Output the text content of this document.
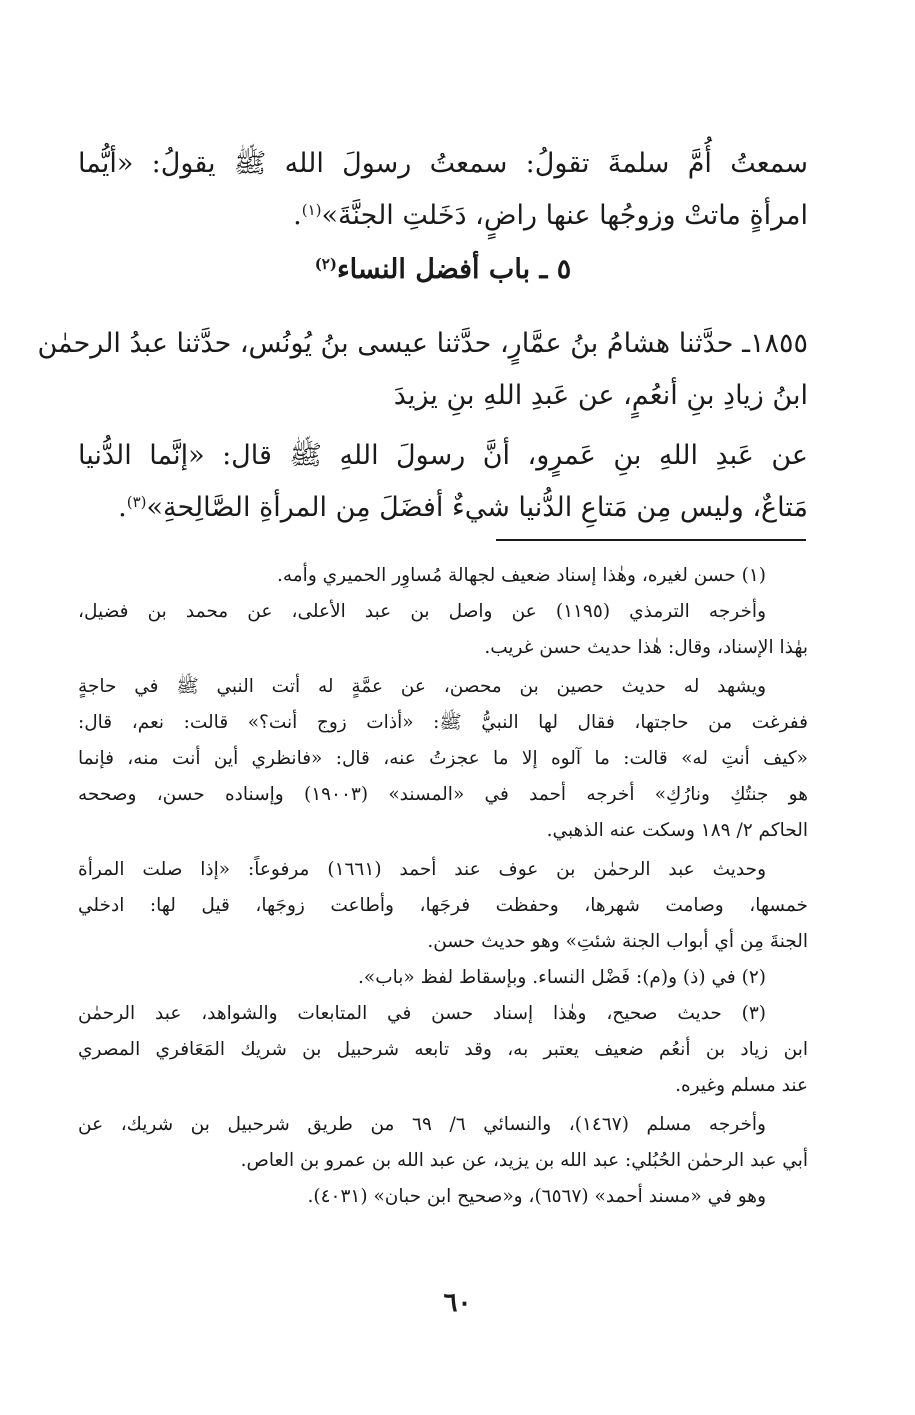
سمعتُ أُمَّ سلمةَ تقولُ: سمعتُ رسولَ الله ﷺ يقولُ: «أيُّما

امرأةٍ ماتتْ وزوجُها عنها راضٍ، دَخَلتِ الجنَّةَ»$^{(١)}$.

٥ ـ باب أفضل النساء$^{(٢)}$

١٨٥٥ـ حدَّثنا هشامُ بنُ عمَّارٍ، حدَّثنا عيسى بنُ يُونُس، حدَّثنا عبدُ الرحمٰن

ابنُ زيادِ بنِ أنعُمٍ، عن عَبدِ اللهِ بنِ يزيدَ

عن عَبدِ اللهِ بنِ عَمرٍو، أنَّ رسولَ اللهِ ﷺ قال: «إنَّما الدُّنيا

مَتاعٌ، وليس مِن مَتاعِ الدُّنيا شيءٌ أفضَلَ مِن المرأةِ الصَّالِحةِ»$^{(٣)}$.

(١) حسن لغيره، وهٰذا إسناد ضعيف لجهالة مُساوِر الحميري وأمه.

وأخرجه الترمذي (١١٩٥) عن واصل بن عبد الأعلى، عن محمد بن فضيل،

بهٰذا الإسناد، وقال: هٰذا حديث حسن غريب.

ويشهد له حديث حصين بن محصن، عن عمَّةٍ له أتت النبي ﷺ في حاجةٍ

ففرغت من حاجتها، فقال لها النبيُّ ﷺ: «أذات زوج أنت؟» قالت: نعم، قال:

«كيف أنتِ له» قالت: ما آلوه إلا ما عجزتُ عنه، قال: «فانظري أين أنت منه، فإنما

هو جنتُكِ ونارُكِ» أخرجه أحمد في «المسند» (١٩٠٠٣) وإسناده حسن، وصححه

الحاكم ٢/ ١٨٩ وسكت عنه الذهبي.

وحديث عبد الرحمٰن بن عوف عند أحمد (١٦٦١) مرفوعاً: «إذا صلت المرأة

خمسها، وصامت شهرها، وحفظت فرجَها، وأطاعت زوجَها، قيل لها: ادخلي

الجنةَ مِن أي أبواب الجنة شئتِ» وهو حديث حسن.

(٢) في (ذ) و(م): فَضْل النساء. وبإسقاط لفظ «باب».

(٣) حديث صحيح، وهٰذا إسناد حسن في المتابعات والشواهد، عبد الرحمٰن

ابن زياد بن أنعُم ضعيف يعتبر به، وقد تابعه شرحبيل بن شريك المَعَافري المصري

عند مسلم وغيره.

وأخرجه مسلم (١٤٦٧)، والنسائي ٦/ ٦٩ من طريق شرحبيل بن شريك، عن

أبي عبد الرحمٰن الحُبُلي: عبد الله بن يزيد، عن عبد الله بن عمرو بن العاص.

وهو في «مسند أحمد» (٦٥٦٧)، و«صحيح ابن حبان» (٤٠٣١).

٦٠
